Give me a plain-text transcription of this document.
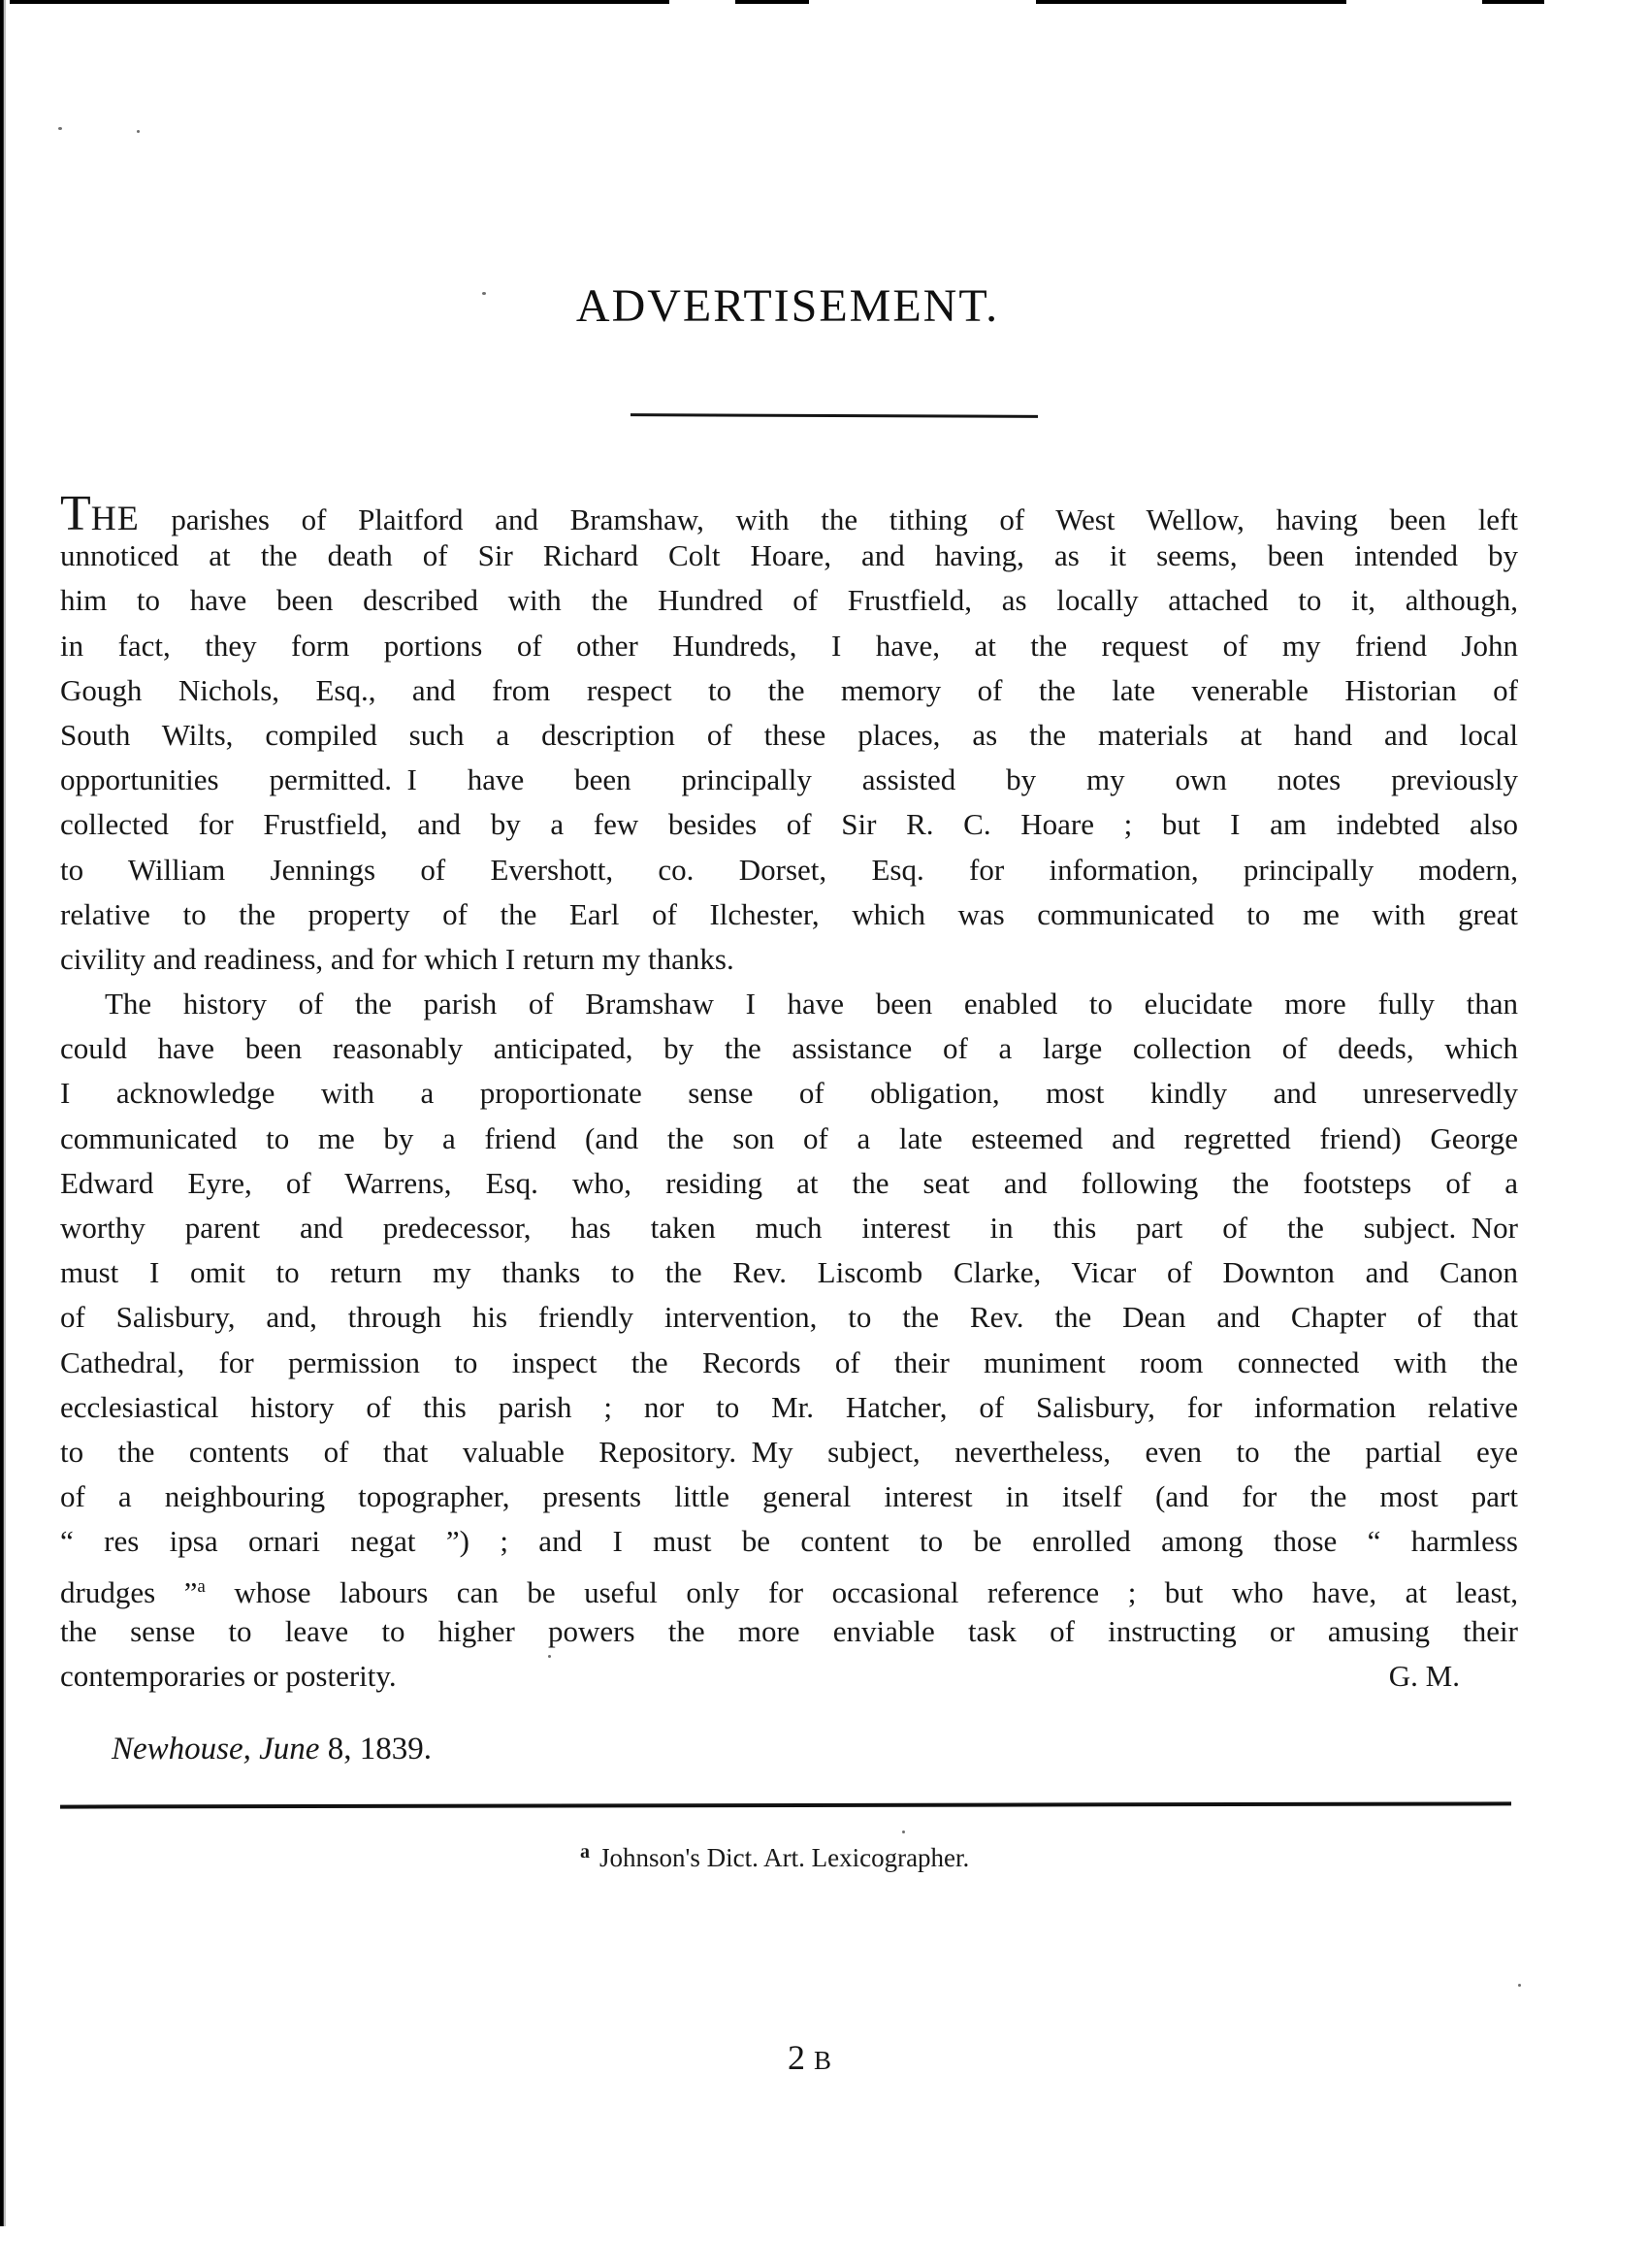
ADVERTISEMENT.
THE parishes of Plaitford and Bramshaw, with the tithing of West Wellow, having been left
unnoticed at the death of Sir Richard Colt Hoare, and having, as it seems, been intended by
him to have been described with the Hundred of Frustfield, as locally attached to it, although,
in fact, they form portions of other Hundreds, I have, at the request of my friend John
Gough Nichols, Esq., and from respect to the memory of the late venerable Historian of
South Wilts, compiled such a description of these places, as the materials at hand and local
opportunities permitted. I have been principally assisted by my own notes previously
collected for Frustfield, and by a few besides of Sir R. C. Hoare ; but I am indebted also
to William Jennings of Evershott, co. Dorset, Esq. for information, principally modern,
relative to the property of the Earl of Ilchester, which was communicated to me with great
civility and readiness, and for which I return my thanks.
The history of the parish of Bramshaw I have been enabled to elucidate more fully than
could have been reasonably anticipated, by the assistance of a large collection of deeds, which
I acknowledge with a proportionate sense of obligation, most kindly and unreservedly
communicated to me by a friend (and the son of a late esteemed and regretted friend) George
Edward Eyre, of Warrens, Esq. who, residing at the seat and following the footsteps of a
worthy parent and predecessor, has taken much interest in this part of the subject. Nor
must I omit to return my thanks to the Rev. Liscomb Clarke, Vicar of Downton and Canon
of Salisbury, and, through his friendly intervention, to the Rev. the Dean and Chapter of that
Cathedral, for permission to inspect the Records of their muniment room connected with the
ecclesiastical history of this parish ; nor to Mr. Hatcher, of Salisbury, for information relative
to the contents of that valuable Repository. My subject, nevertheless, even to the partial eye
of a neighbouring topographer, presents little general interest in itself (and for the most part
“ res ipsa ornari negat ”) ; and I must be content to be enrolled among those “ harmless
drudges ”$^a$ whose labours can be useful only for occasional reference ; but who have, at least,
the sense to leave to higher powers the more enviable task of instructing or amusing their
contemporaries or posterity.	G. M.
Newhouse, June 8, 1839.
$^a$ Johnson's Dict. Art. Lexicographer.
2 B
